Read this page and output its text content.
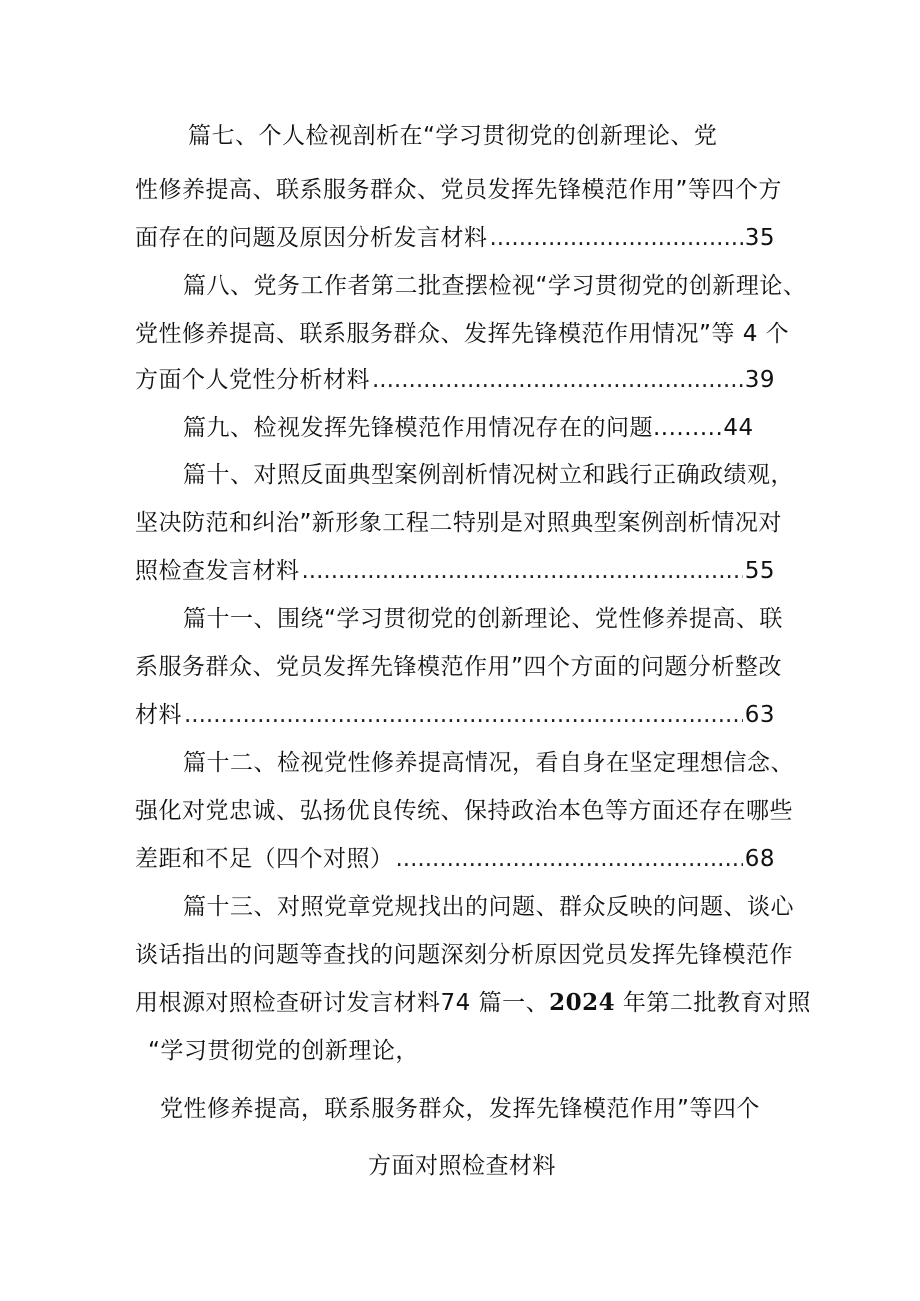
篇七、个人检视剖析在“学习贯彻党的创新理论、党
性修养提高、联系服务群众、党员发挥先锋模范作用”等四个方
面存在的问题及原因分析发言材料 .....	35
篇八、党务工作者第二批查摆检视“学习贯彻党的创新理论、
党性修养提高、联系服务群众、发挥先锋模范作用情况”等 4 个
方面个人党性分析材料 .....	39
篇九、检视发挥先锋模范作用情况存在的问题.........44
篇十、对照反面典型案例剖析情况树立和践行正确政绩观，
坚决防范和纠治”新形象工程二特别是对照典型案例剖析情况对
照检查发言材料 .....	55
篇十一、围绕“学习贯彻党的创新理论、党性修养提高、联
系服务群众、党员发挥先锋模范作用”四个方面的问题分析整改
材料 .....	63
篇十二、检视党性修养提高情况，看自身在坚定理想信念、
强化对党忠诚、弘扬优良传统、保持政治本色等方面还存在哪些
差距和不足（四个对照） .....	68
篇十三、对照党章党规找出的问题、群众反映的问题、谈心
谈话指出的问题等查找的问题深刻分析原因党员发挥先锋模范作
用根源对照检查研讨发言材料74 篇一、2024 年第二批教育对照
“学习贯彻党的创新理论，
党性修养提高，联系服务群众，发挥先锋模范作用”等四个
方面对照检查材料
